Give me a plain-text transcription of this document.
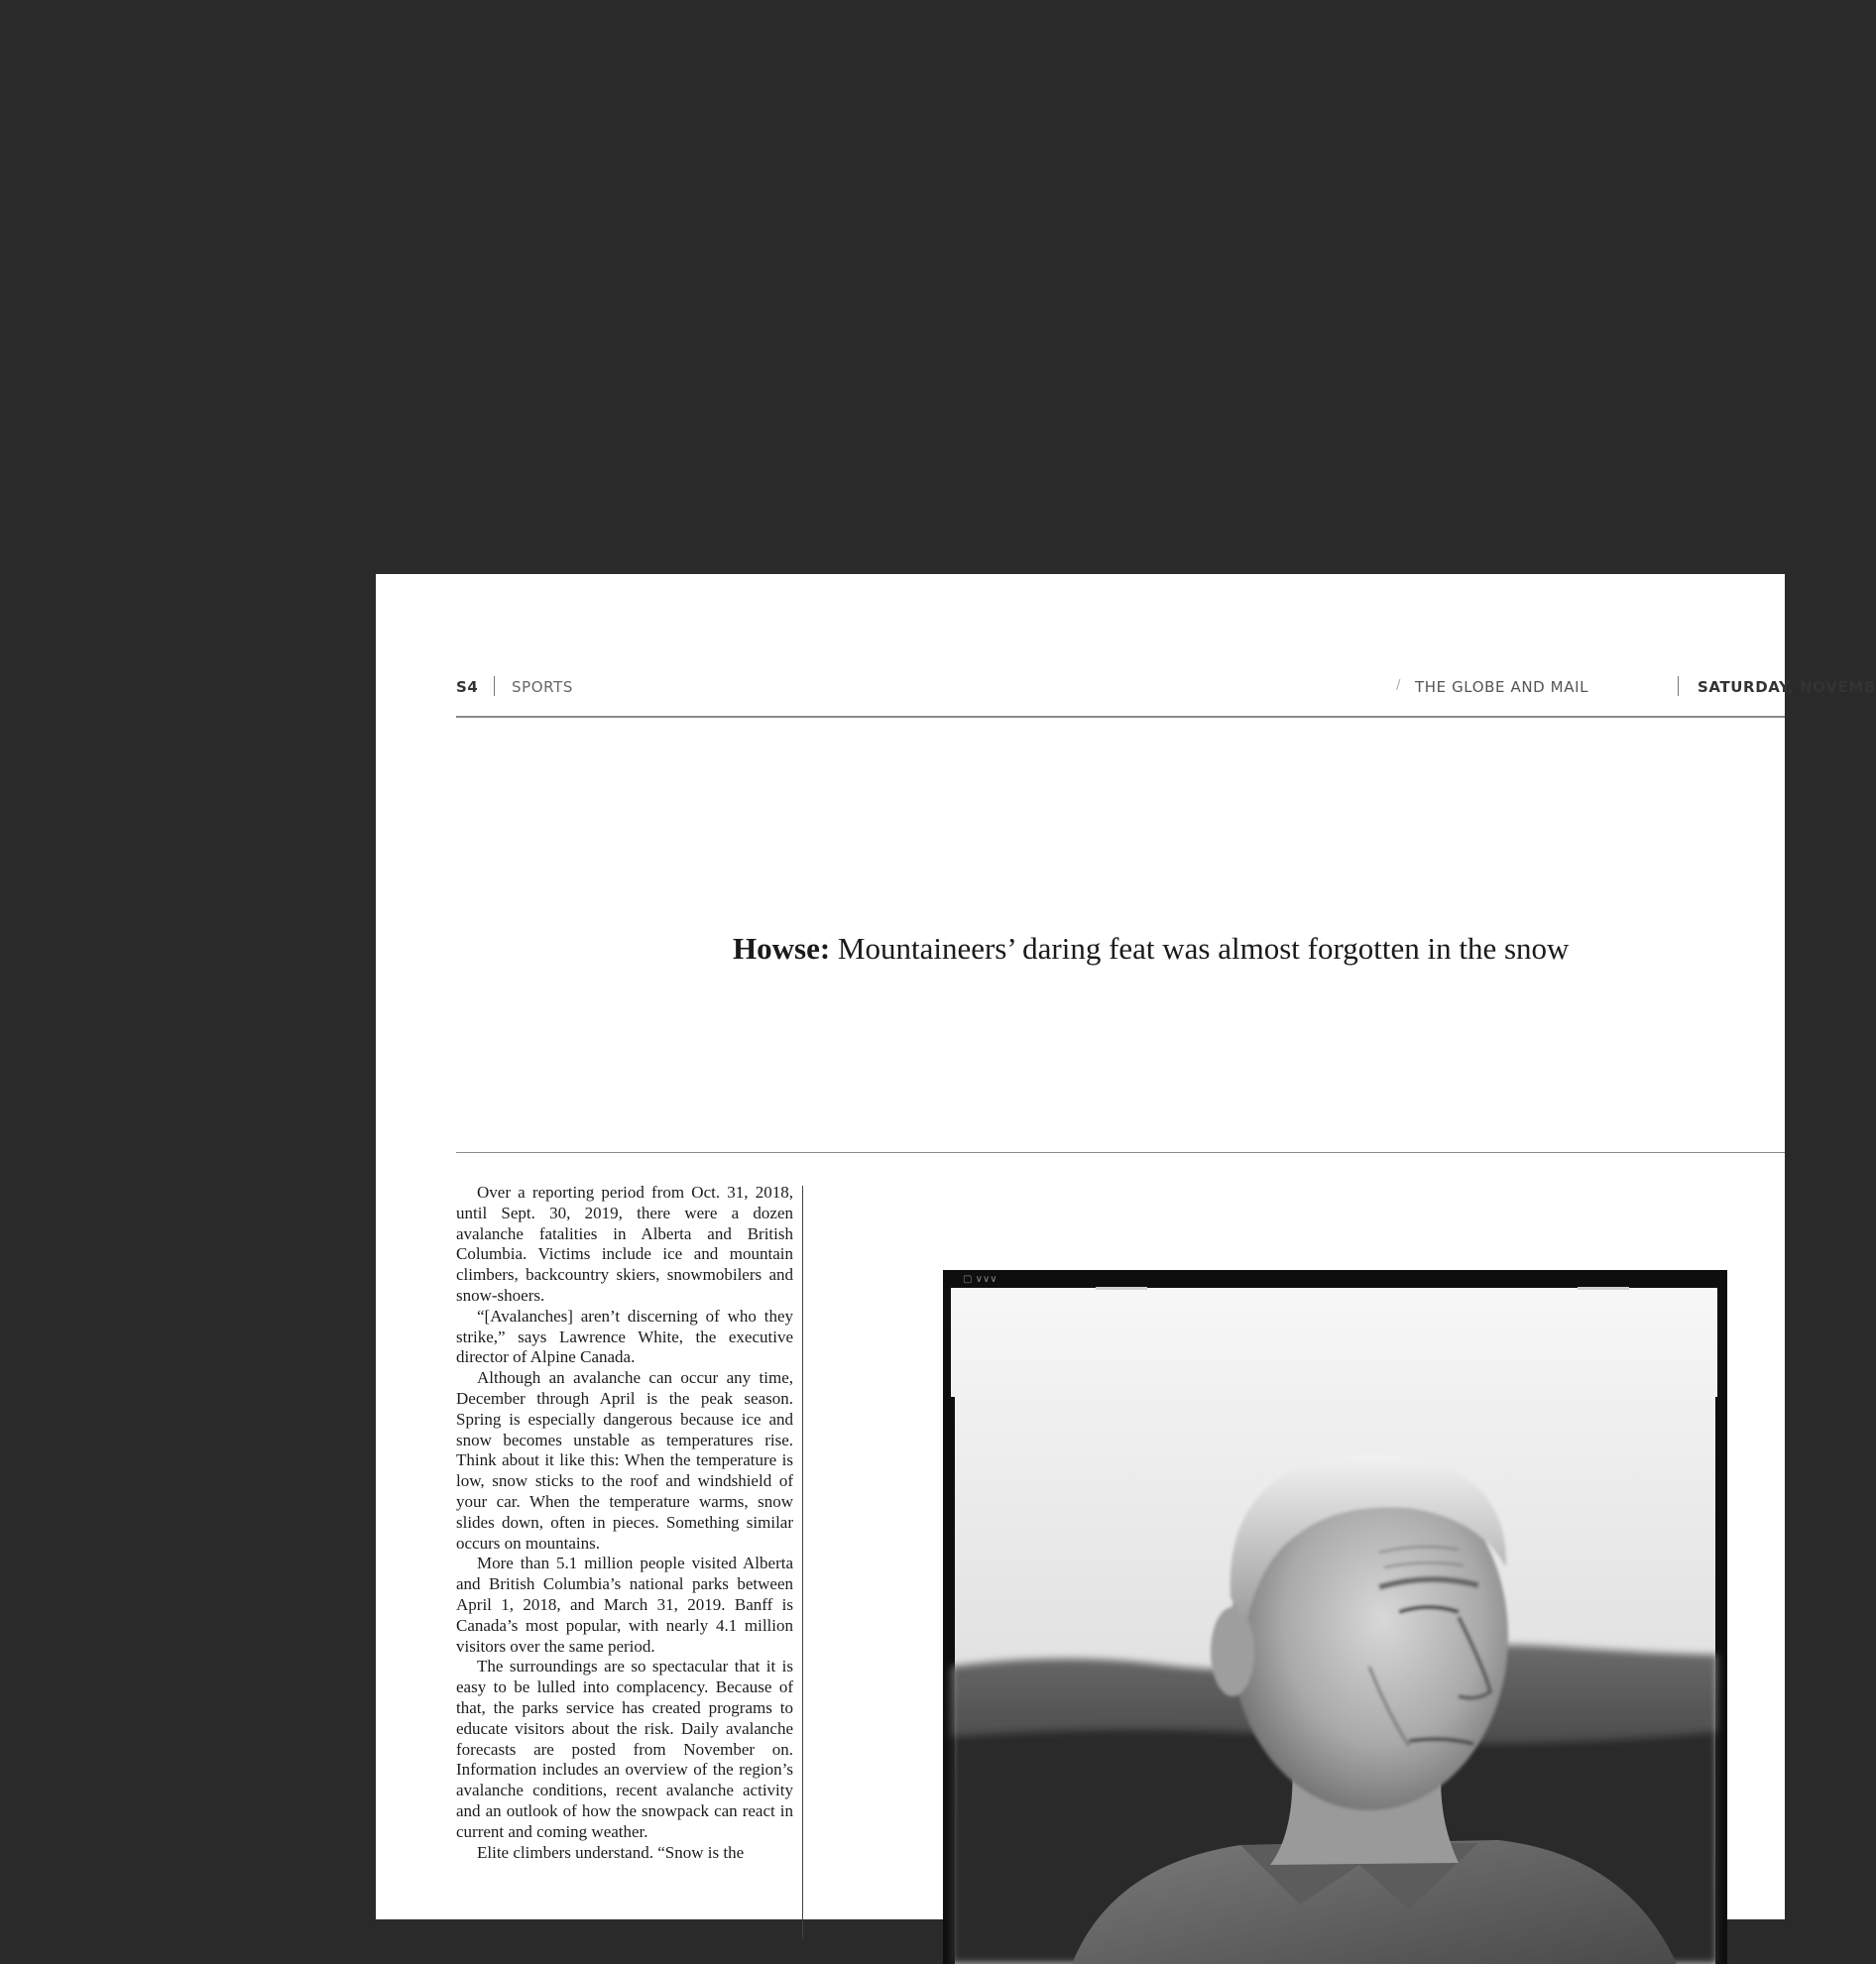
S4 SPORTS	/ THE GLOBE AND MAIL	SATURDAY, NOVEMB
Howse: Mountaineers’ daring feat was almost forgotten in the snow

Over a reporting period from Oct. 31, 2018, until Sept. 30, 2019, there were a dozen avalanche fatalities in Alberta and British Columbia. Victims include ice and mountain climbers, backcountry skiers, snowmobilers and snow-shoers.

“[Avalanches] aren’t discerning of who they strike,” says Lawrence White, the executive director of Alpine Canada.

Although an avalanche can occur any time, December through April is the peak season. Spring is especially dangerous because ice and snow becomes unstable as temperatures rise. Think about it like this: When the temperature is low, snow sticks to the roof and windshield of your car. When the temperature warms, snow slides down, often in pieces. Something similar occurs on mountains.

More than 5.1 million people visited Alberta and British Columbia’s national parks between April 1, 2018, and March 31, 2019. Banff is Canada’s most popular, with nearly 4.1 million visitors over the same period.

The surroundings are so spectacular that it is easy to be lulled into complacency. Because of that, the parks service has created programs to educate visitors about the risk. Daily avalanche forecasts are posted from November on. Information includes an overview of the region’s avalanche conditions, recent avalanche activity and an outlook of how the snowpack can react in current and coming weather.

Elite climbers understand. “Snow is the

▢ ∨∨∨
